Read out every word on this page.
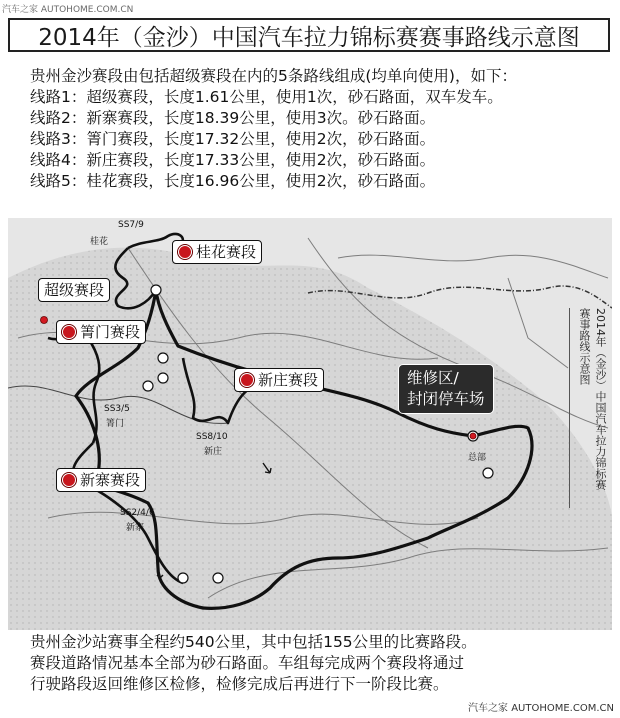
汽车之家 AUTOHOME.COM.CN
2014年（金沙）中国汽车拉力锦标赛赛事路线示意图
贵州金沙赛段由包括超级赛段在内的5条路线组成(均单向使用)，如下：
线路1：超级赛段，长度1.61公里，使用1次，砂石路面，双车发车。
线路2：新寨赛段，长度18.39公里，使用3次。砂石路面。
线路3：箐门赛段，长度17.32公里，使用2次，砂石路面。
线路4：新庄赛段，长度17.33公里，使用2次，砂石路面。
线路5：桂花赛段，长度16.96公里，使用2次，砂石路面。
桂花赛段
超级赛段
箐门赛段
新庄赛段
新寨赛段
维修区/
封闭停车场
SS7/9
桂花
SS3/5
箐门
SS8/10
新庄
SS2/4/6
新寨
总部	2014年（金沙）中国汽车拉力锦标赛
赛事路线示意图
贵州金沙站赛事全程约540公里，其中包括155公里的比赛路段。
赛段道路情况基本全部为砂石路面。车组每完成两个赛段将通过
行驶路段返回维修区检修，检修完成后再进行下一阶段比赛。
汽车之家 AUTOHOME.COM.CN
